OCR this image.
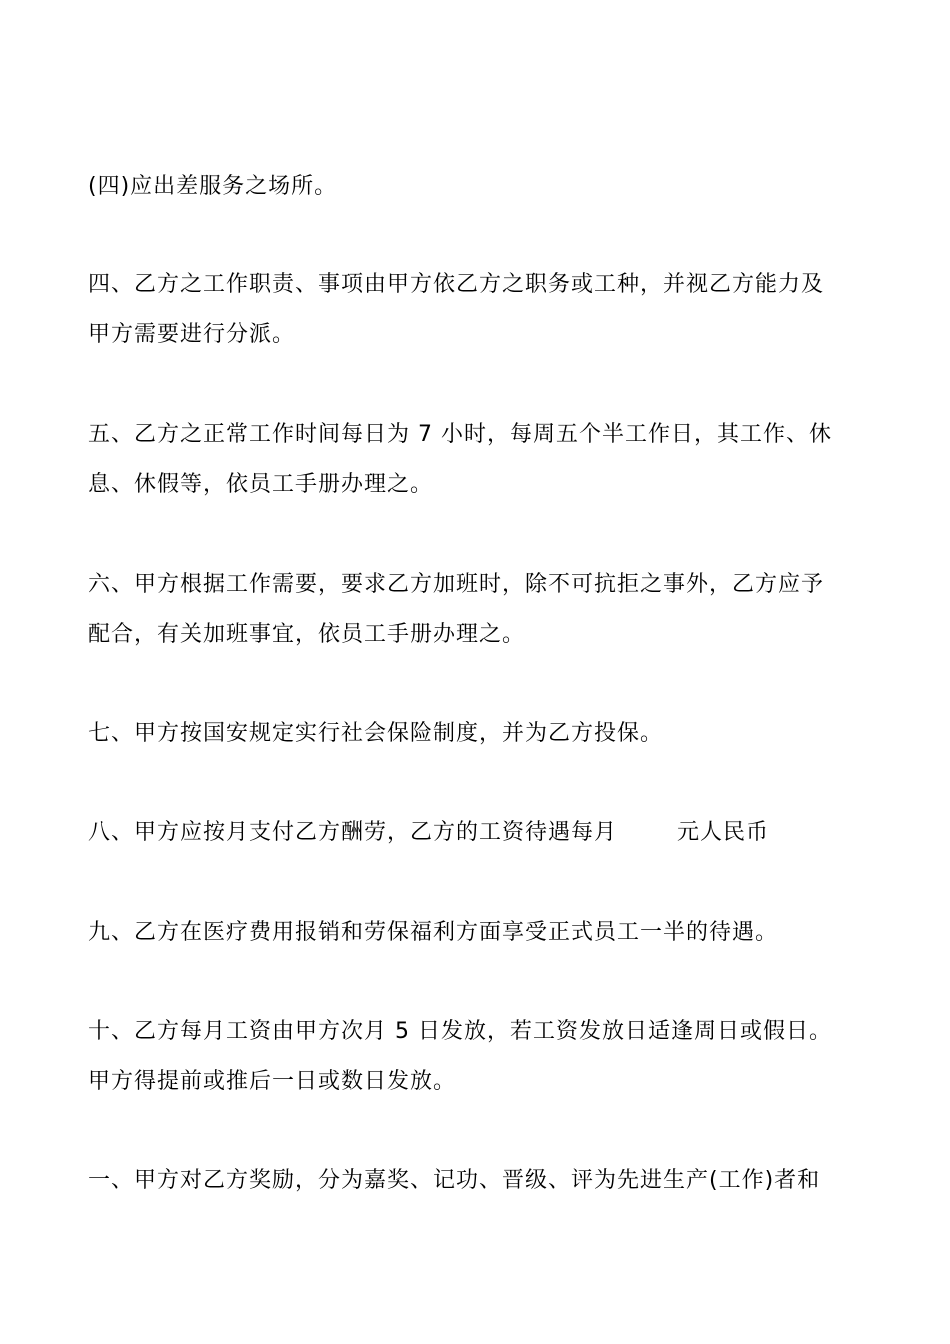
(四)应出差服务之场所。
四、乙方之工作职责、事项由甲方依乙方之职务或工种，并视乙方能力及
甲方需要进行分派。
五、乙方之正常工作时间每日为 7 小时，每周五个半工作日，其工作、休
息、休假等，依员工手册办理之。
六、甲方根据工作需要，要求乙方加班时，除不可抗拒之事外，乙方应予
配合，有关加班事宜，依员工手册办理之。
七、甲方按国安规定实行社会保险制度，并为乙方投保。
八、甲方应按月支付乙方酬劳，乙方的工资待遇每月	元人民币
九、乙方在医疗费用报销和劳保福利方面享受正式员工一半的待遇。
十、乙方每月工资由甲方次月 5 日发放，若工资发放日适逢周日或假日。
甲方得提前或推后一日或数日发放。
一、甲方对乙方奖励，分为嘉奖、记功、晋级、评为先进生产(工作)者和
